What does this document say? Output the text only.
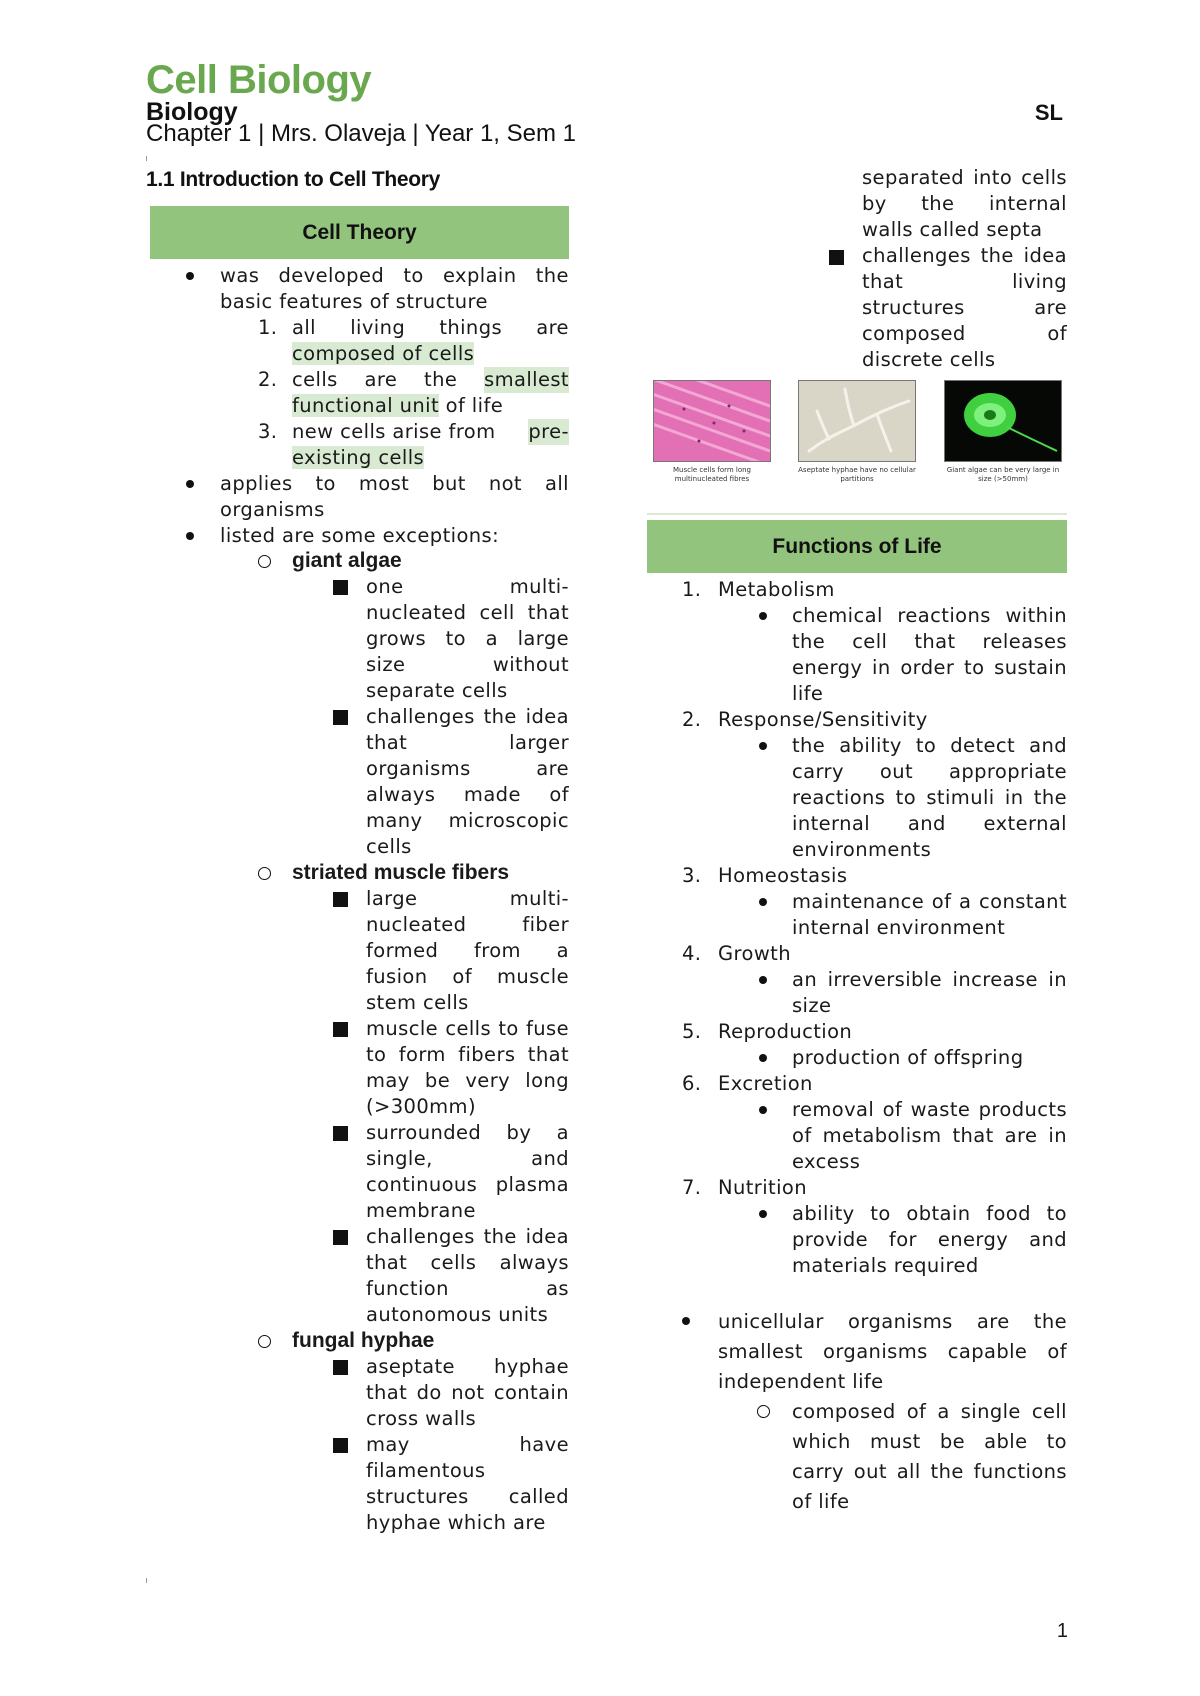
Cell Biology
Biology	SL
Chapter 1 | Mrs. Olaveja | Year 1, Sem 1
1.1 Introduction to Cell Theory
Cell Theory
was developed to explain the
basic features of structure
1. all living things are
composed of cells
2. cells are the smallest
functional unit of life
3. new cells arise from pre-
existing cells
applies to most but not all
organisms
listed are some exceptions:
giant algae
striated muscle fibers
fungal hyphae
Muscle cells form long multinucleated fibres
Aseptate hyphae have no cellular partitions
Giant algae can be very large in size (>50mm)
Functions of Life
1. Metabolism
2. Response/Sensitivity
3. Homeostasis
4. Growth
5. Reproduction
6. Excretion
7. Nutrition
1
one multi-
nucleated cell that
grows to a large
size without
separate cells
challenges the idea
that larger
organisms are
always made of
many microscopic
cells
large multi-
nucleated fiber
formed from a
fusion of muscle
stem cells
muscle cells to fuse
to form fibers that
may be very long
(>300mm)
surrounded by a
single, and
continuous plasma
membrane
challenges the idea
that cells always
function as
autonomous units
aseptate hyphae
that do not contain
cross walls
may have
filamentous
structures called
hyphae which are
separated into cells
by the internal
walls called septa
challenges the idea
that living
structures are
composed of
discrete cells
chemical reactions within
the cell that releases
energy in order to sustain
life
the ability to detect and
carry out appropriate
reactions to stimuli in the
internal and external
environments
maintenance of a constant
internal environment
an irreversible increase in
size
production of offspring
removal of waste products
of metabolism that are in
excess
ability to obtain food to
provide for energy and
materials required
unicellular organisms are the
smallest organisms capable of
independent life
composed of a single cell
which must be able to
carry out all the functions
of life
